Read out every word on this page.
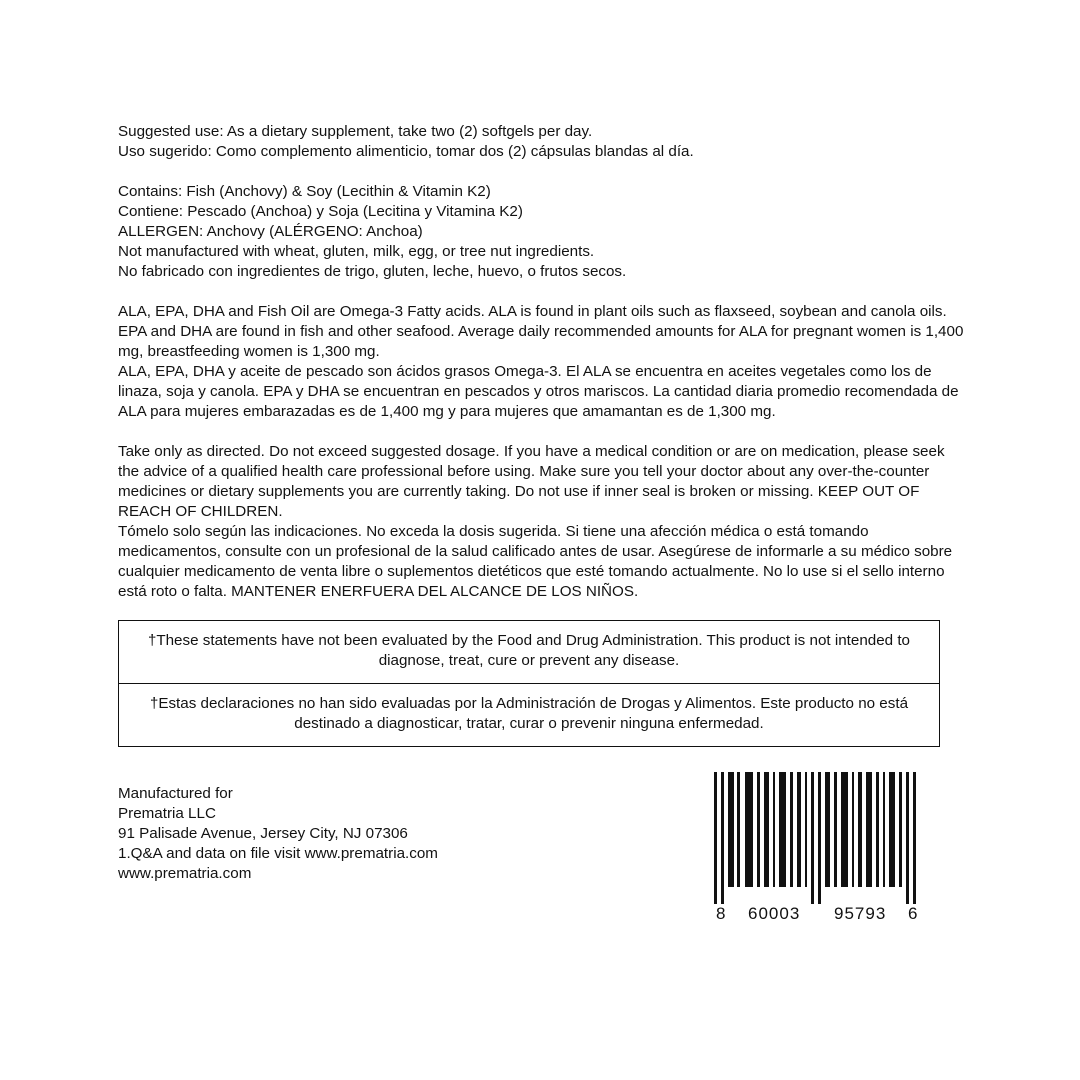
Suggested use: As a dietary supplement, take two (2) softgels per day.

Uso sugerido: Como complemento alimenticio, tomar dos (2) cápsulas blandas al día.

Contains: Fish (Anchovy) & Soy (Lecithin & Vitamin K2)

Contiene: Pescado (Anchoa) y Soja (Lecitina y Vitamina K2)

ALLERGEN: Anchovy (ALÉRGENO: Anchoa)

Not manufactured with wheat, gluten, milk, egg, or tree nut ingredients.

No fabricado con ingredientes de trigo, gluten, leche, huevo, o frutos secos.

ALA, EPA, DHA and Fish Oil are Omega-3 Fatty acids. ALA is found in plant oils such as flaxseed, soybean and canola oils. EPA and DHA are found in fish and other seafood. Average daily recommended amounts for ALA for pregnant women is 1,400 mg, breastfeeding women is 1,300 mg.

ALA, EPA, DHA y aceite de pescado son ácidos grasos Omega-3. El ALA se encuentra en aceites vegetales como los de linaza, soja y canola. EPA y DHA se encuentran en pescados y otros mariscos. La cantidad diaria promedio recomendada de ALA para mujeres embarazadas es de 1,400 mg y para mujeres que amamantan es de 1,300 mg.

Take only as directed. Do not exceed suggested dosage. If you have a medical condition or are on medication, please seek the advice of a qualified health care professional before using. Make sure you tell your doctor about any over-the-counter medicines or dietary supplements you are currently taking. Do not use if inner seal is broken or missing. KEEP OUT OF REACH OF CHILDREN.

Tómelo solo según las indicaciones. No exceda la dosis sugerida. Si tiene una afección médica o está tomando medicamentos, consulte con un profesional de la salud calificado antes de usar. Asegúrese de informarle a su médico sobre cualquier medicamento de venta libre o suplementos dietéticos que esté tomando actualmente. No lo use si el sello interno está roto o falta. MANTENER ENERFUERA DEL ALCANCE DE LOS NIÑOS.

†These statements have not been evaluated by the Food and Drug Administration. This product is not intended to diagnose, treat, cure or prevent any disease.
†Estas declaraciones no han sido evaluadas por la Administración de Drogas y Alimentos. Este producto no está destinado a diagnosticar, tratar, curar o prevenir ninguna enfermedad.

Manufactured for

Prematria LLC

91 Palisade Avenue, Jersey City, NJ 07306

1.Q&A and data on file visit www.prematria.com

www.prematria.com

8 60003 95793 6
